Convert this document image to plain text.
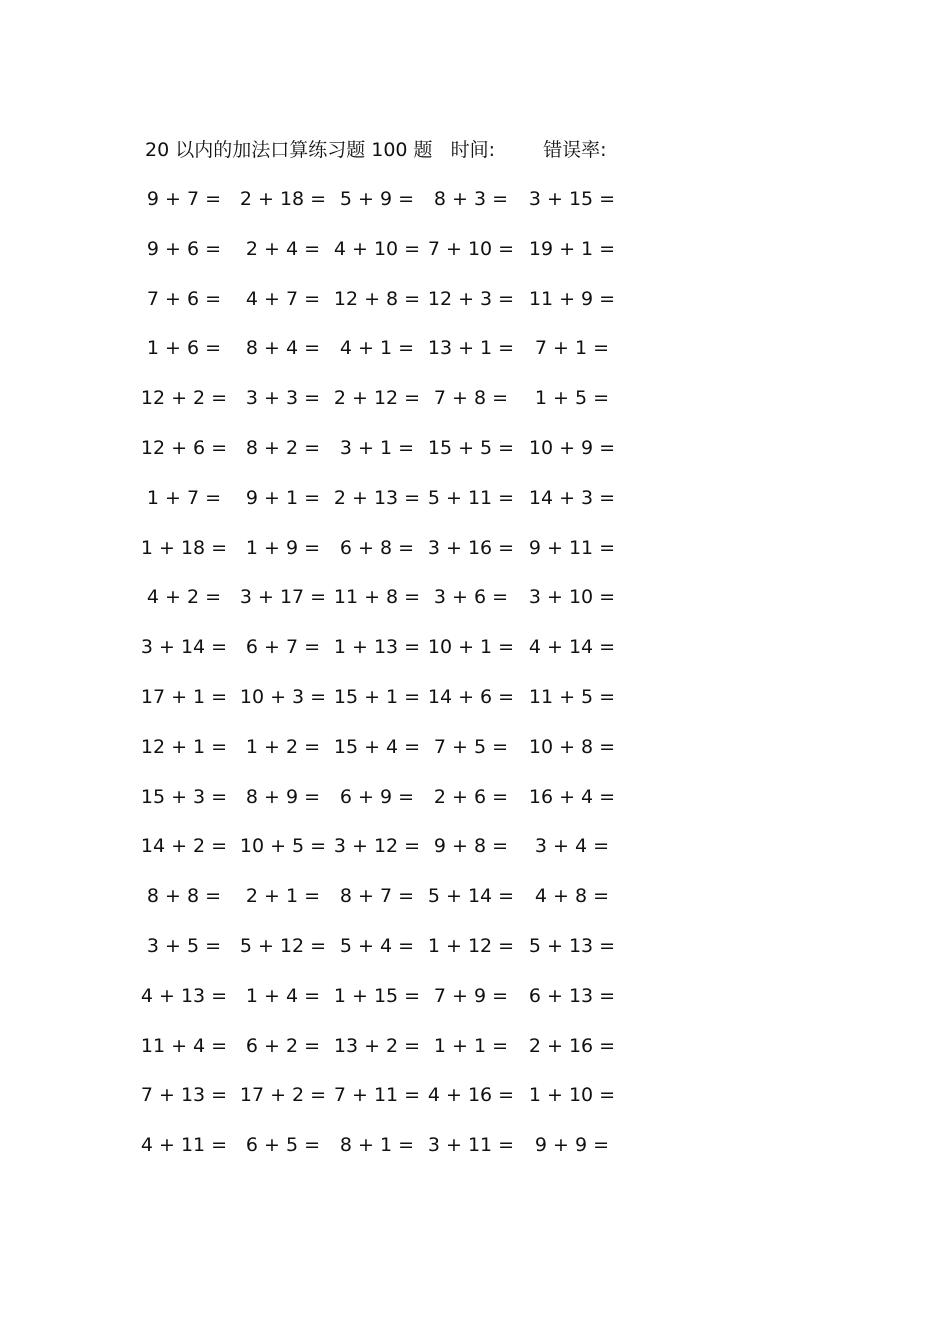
20 以内的加法口算练习题 100 题 时间:	错误率:
9 + 7 = 2 + 18 = 5 + 9 = 8 + 3 = 3 + 15 =
9 + 6 = 2 + 4 = 4 + 10 = 7 + 10 = 19 + 1 =
7 + 6 = 4 + 7 = 12 + 8 = 12 + 3 = 11 + 9 =
1 + 6 = 8 + 4 = 4 + 1 = 13 + 1 = 7 + 1 =
12 + 2 = 3 + 3 = 2 + 12 = 7 + 8 = 1 + 5 =
12 + 6 = 8 + 2 = 3 + 1 = 15 + 5 = 10 + 9 =
1 + 7 = 9 + 1 = 2 + 13 = 5 + 11 = 14 + 3 =
1 + 18 = 1 + 9 = 6 + 8 = 3 + 16 = 9 + 11 =
4 + 2 = 3 + 17 = 11 + 8 = 3 + 6 = 3 + 10 =
3 + 14 = 6 + 7 = 1 + 13 = 10 + 1 = 4 + 14 =
17 + 1 = 10 + 3 = 15 + 1 = 14 + 6 = 11 + 5 =
12 + 1 = 1 + 2 = 15 + 4 = 7 + 5 = 10 + 8 =
15 + 3 = 8 + 9 = 6 + 9 = 2 + 6 = 16 + 4 =
14 + 2 = 10 + 5 = 3 + 12 = 9 + 8 = 3 + 4 =
8 + 8 = 2 + 1 = 8 + 7 = 5 + 14 = 4 + 8 =
3 + 5 = 5 + 12 = 5 + 4 = 1 + 12 = 5 + 13 =
4 + 13 = 1 + 4 = 1 + 15 = 7 + 9 = 6 + 13 =
11 + 4 = 6 + 2 = 13 + 2 = 1 + 1 = 2 + 16 =
7 + 13 = 17 + 2 = 7 + 11 = 4 + 16 = 1 + 10 =
4 + 11 = 6 + 5 = 8 + 1 = 3 + 11 = 9 + 9 =
